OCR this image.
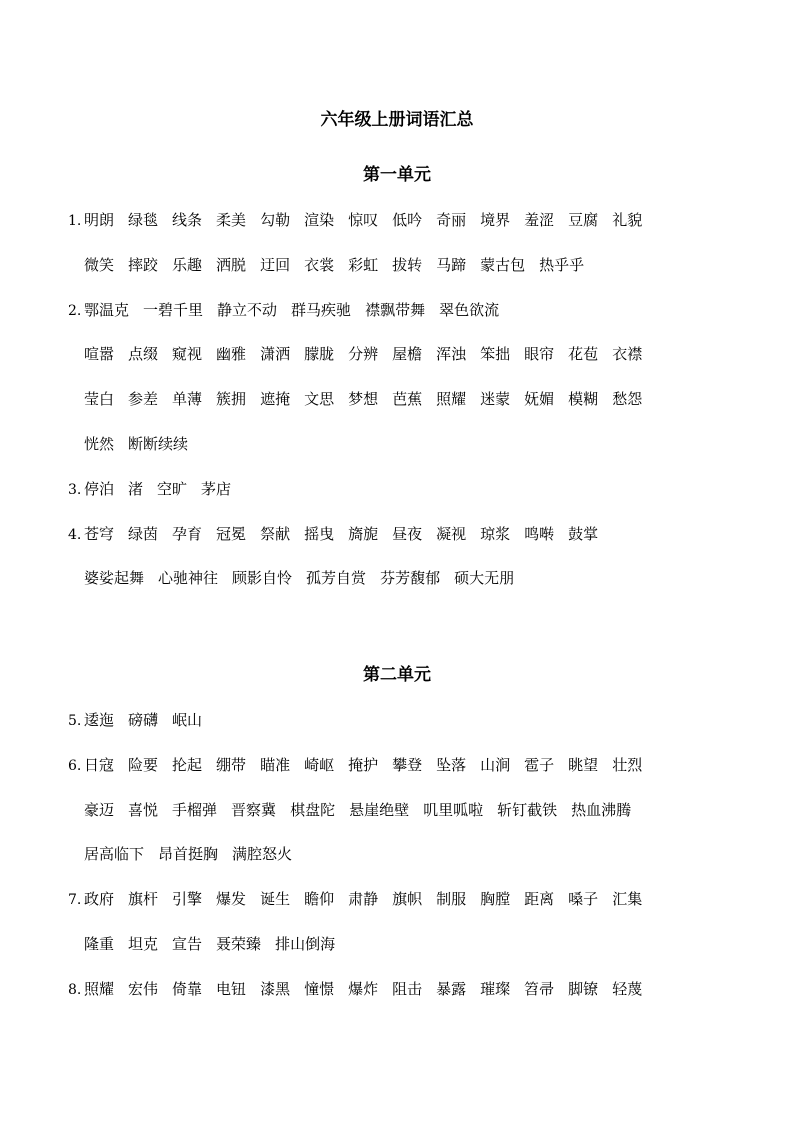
六年级上册词语汇总
第一单元
1. 明朗 绿毯 线条 柔美 勾勒 渲染 惊叹 低吟 奇丽 境界 羞涩 豆腐 礼貌
微笑 摔跤 乐趣 洒脱 迂回 衣裳 彩虹 拔转 马蹄 蒙古包 热乎乎
2. 鄂温克 一碧千里 静立不动 群马疾驰 襟飘带舞 翠色欲流
喧嚣 点缀 窥视 幽雅 潇洒 朦胧 分辨 屋檐 浑浊 笨拙 眼帘 花苞 衣襟
莹白 参差 单薄 簇拥 遮掩 文思 梦想 芭蕉 照耀 迷蒙 妩媚 模糊 愁怨
恍然 断断续续
3. 停泊 渚 空旷 茅店
4. 苍穹 绿茵 孕育 冠冕 祭献 摇曳 旖旎 昼夜 凝视 琼浆 鸣啭 鼓掌
婆娑起舞 心驰神往 顾影自怜 孤芳自赏 芬芳馥郁 硕大无朋
第二单元
5. 逶迤 磅礴 岷山
6. 日寇 险要 抡起 绷带 瞄准 崎岖 掩护 攀登 坠落 山涧 雹子 眺望 壮烈
豪迈 喜悦 手榴弹 晋察冀 棋盘陀 悬崖绝壁 叽里呱啦 斩钉截铁 热血沸腾
居高临下 昂首挺胸 满腔怒火
7. 政府 旗杆 引擎 爆发 诞生 瞻仰 肃静 旗帜 制服 胸膛 距离 嗓子 汇集
隆重 坦克 宣告 聂荣臻 排山倒海
8. 照耀 宏伟 倚靠 电钮 漆黑 憧憬 爆炸 阻击 暴露 璀璨 笤帚 脚镣 轻蔑
